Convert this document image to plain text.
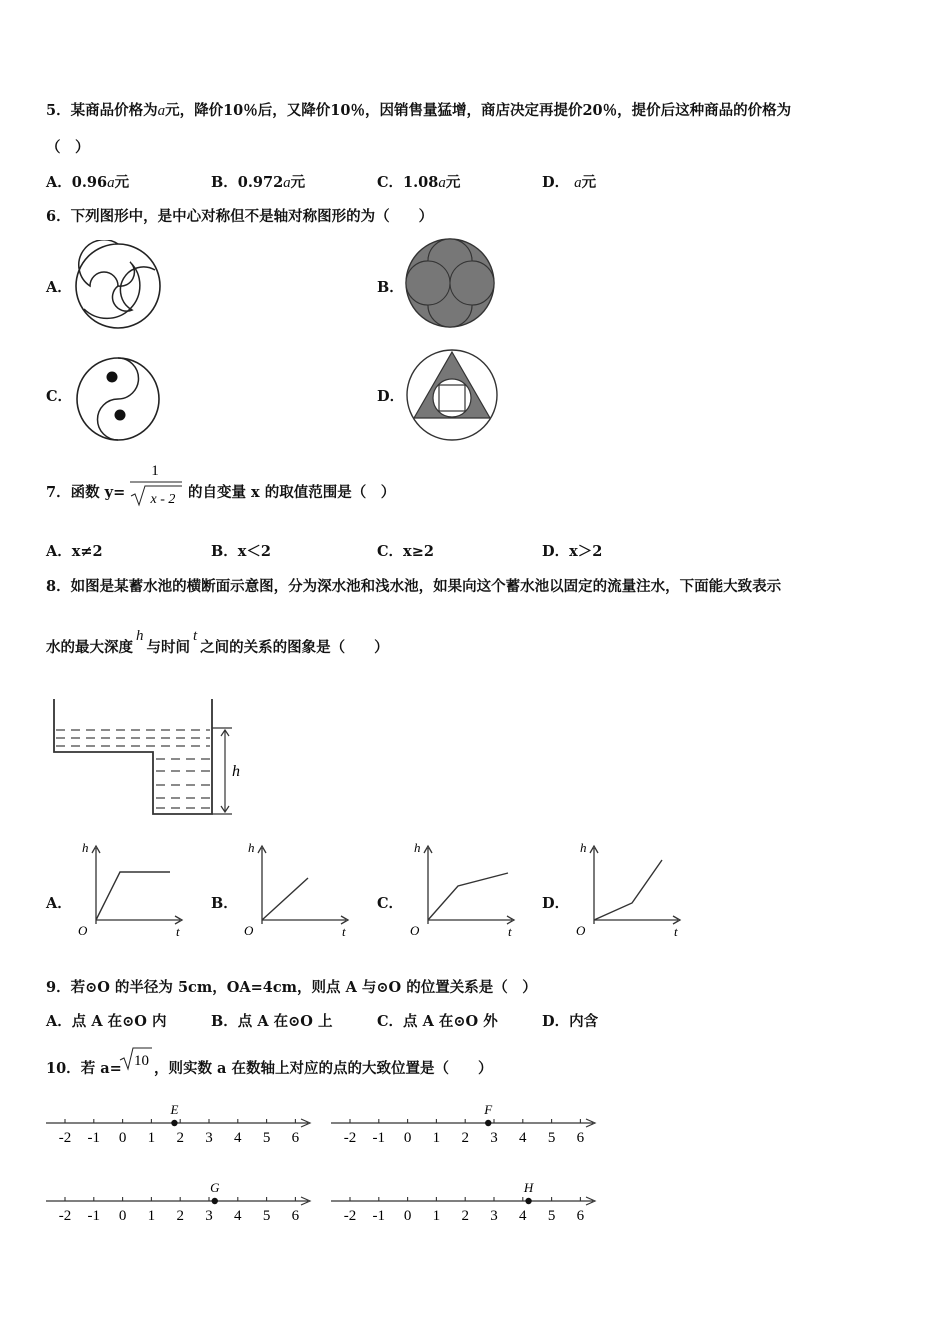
5．某商品价格为a元，降价10％后，又降价10％，因销售量猛增，商店决定再提价20％，提价后这种商品的价格为
（　）
A．0.96a元	B．0.972a元	C．1.08a元	D． a元
6．下列图形中，是中心对称但不是轴对称图形的为（　　）
A．	B．
C．	D．
7．函数 y=
1
x - 2 的自变量 x 的取值范围是（　）
A．x≠2	B．x＜2	C．x≥2	D．x＞2
8．如图是某蓄水池的横断面示意图，分为深水池和浅水池，如果向这个蓄水池以固定的流量注水，下面能大致表示
水的最大深度h与时间t之间的关系的图象是（　　）
h
A．	B．	C．	D．
h
t
O
h
t
O
h
t
O
h
t
O
9．若⊙O 的半径为 5cm，OA=4cm，则点 A 与⊙O 的位置关系是（　）
A．点 A 在⊙O 内	B．点 A 在⊙O 上	C．点 A 在⊙O 外	D．内含
10．若 a= 10 ，则实数 a 在数轴上对应的点的大致位置是（　　）
-2 -1 0 1 2 3 4 5 6
E
-2 -1 0 1 2 3 4 5 6
F
-2 -1 0 1 2 3 4 5 6
G
-2 -1 0 1 2 3 4 5 6
H
